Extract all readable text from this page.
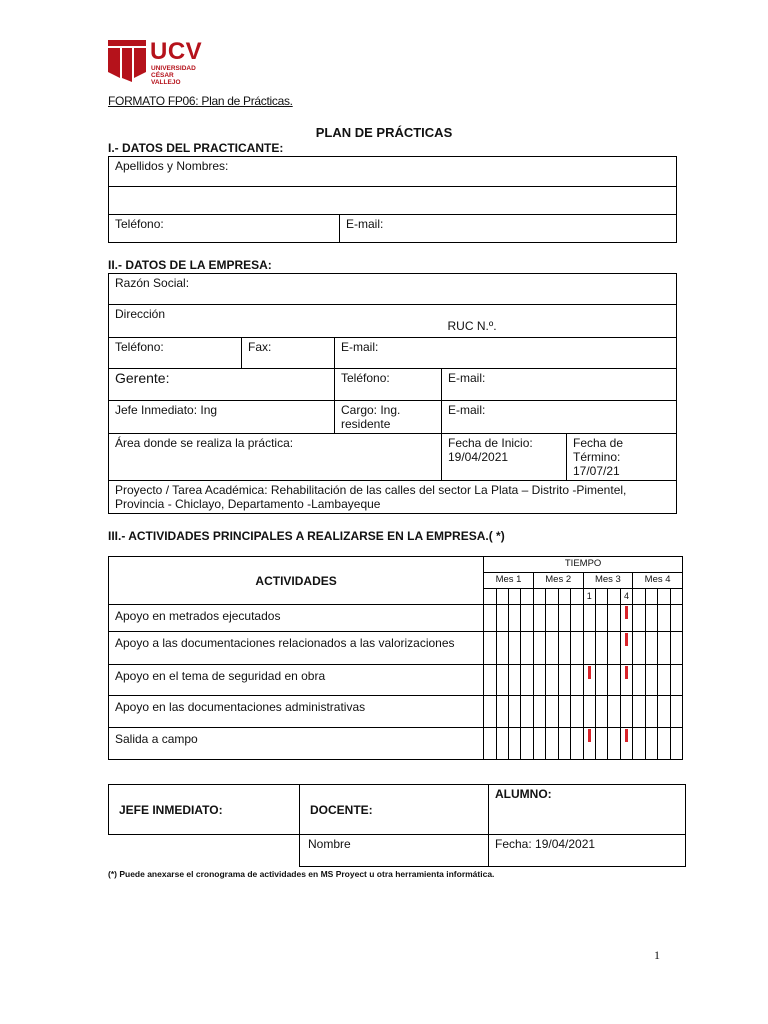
UCV
UNIVERSIDAD
CÉSAR VALLEJO
FORMATO FP06: Plan de Prácticas.
PLAN DE PRÁCTICAS
I.- DATOS DEL PRACTICANTE:
Apellidos y Nombres:

Teléfono:	E-mail:
II.- DATOS DE LA EMPRESA:
Razón Social:				
Dirección			RUC N.º.	
Teléfono:	Fax:	E-mail:		
Gerente:		Teléfono:	E-mail:	
Jefe Inmediato: Ing		Cargo: Ing. residente	E-mail:	
Área donde se realiza la práctica:			Fecha de Inicio: 19/04/2021	Fecha de Término: 17/07/21
Proyecto / Tarea Académica: Rehabilitación de las calles del sector La Plata – Distrito -Pimentel, Provincia - Chiclayo, Departamento -Lambayeque				
III.- ACTIVIDADES PRINCIPALES A REALIZARSE EN LA EMPRESA.( *)
ACTIVIDADES	TIEMPO															
	Mes 1				Mes 2				Mes 3				Mes 4			
									1			4				
Apoyo en metrados ejecutados																
Apoyo a las documentaciones relacionados a las valorizaciones																
Apoyo en el tema de seguridad en obra																
Apoyo en las documentaciones administrativas																
Salida a campo																
JEFE INMEDIATO:	DOCENTE:	ALUMNO:
	Nombre	Fecha: 19/04/2021
(*) Puede anexarse el cronograma de actividades en MS Proyect u otra herramienta informática.
1
